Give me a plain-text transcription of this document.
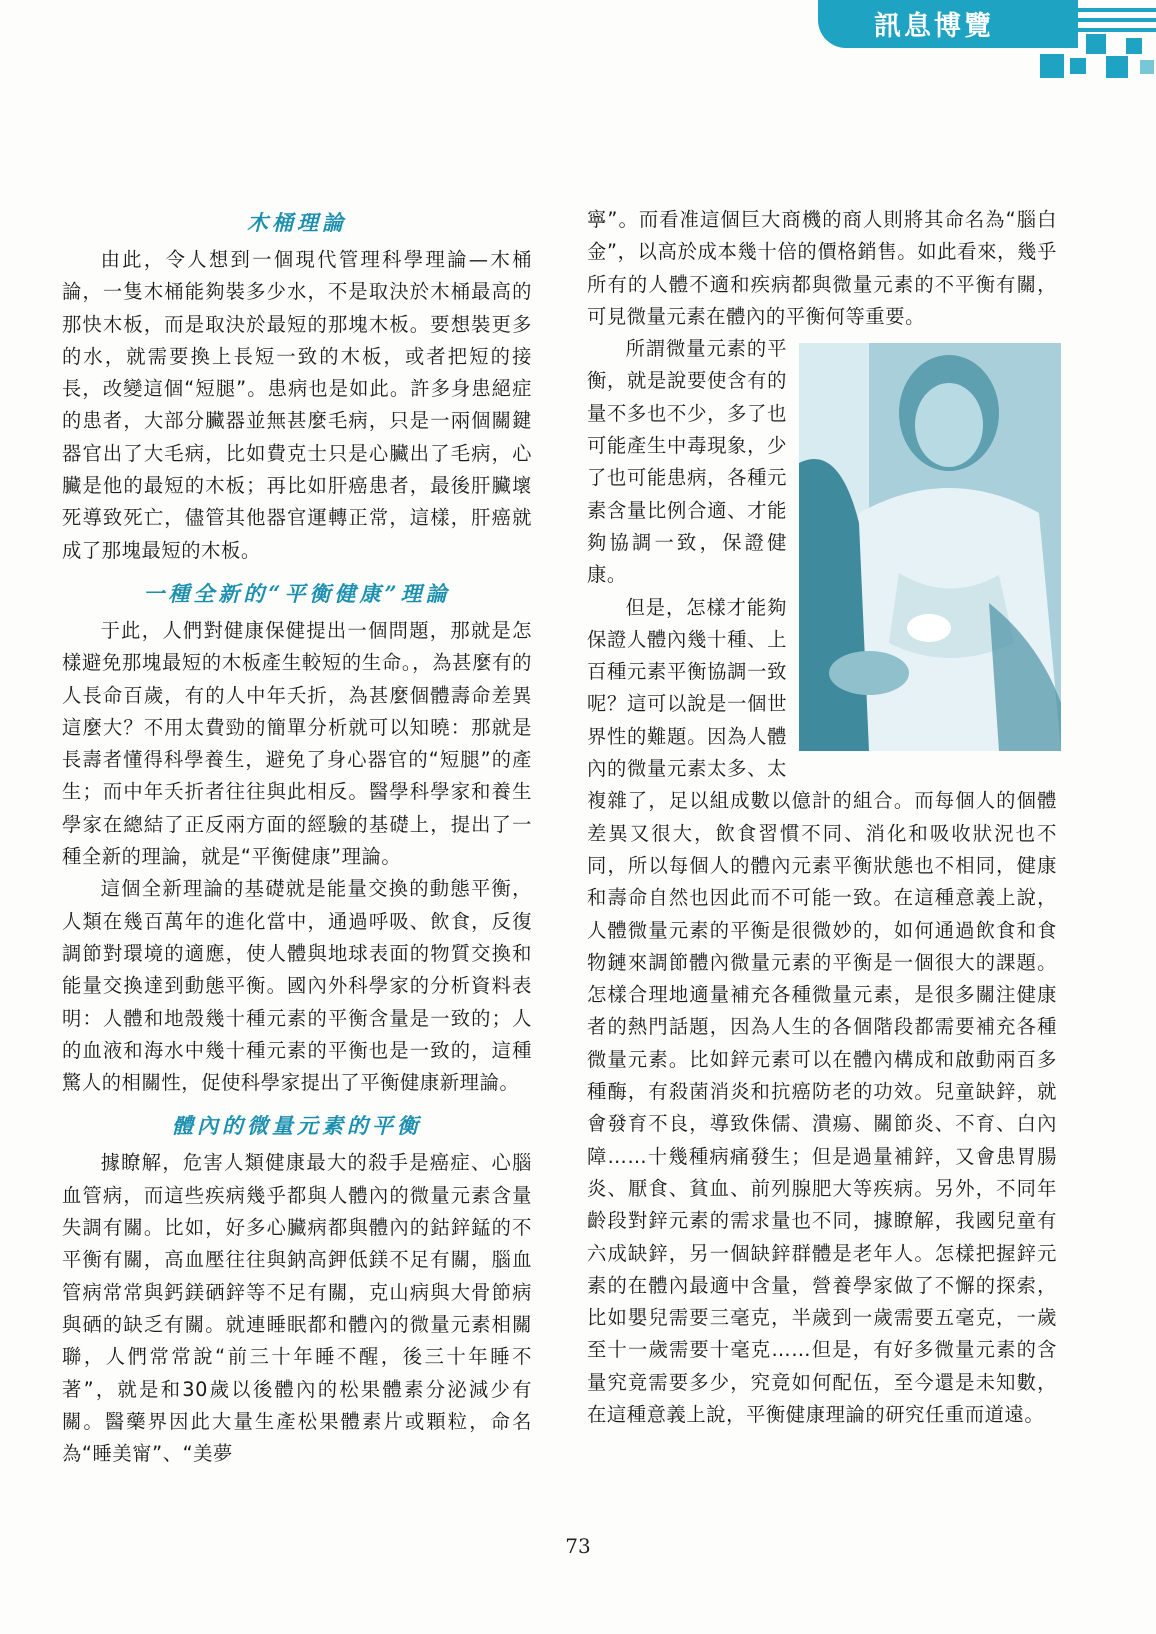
訊息博覽
木桶理論

由此，令人想到一個現代管理科學理論—木桶論，一隻木桶能夠裝多少水，不是取決於木桶最高的那快木板，而是取決於最短的那塊木板。要想裝更多的水，就需要換上長短一致的木板，或者把短的接長，改變這個“短腿”。患病也是如此。許多身患絕症的患者，大部分臟器並無甚麼毛病，只是一兩個關鍵器官出了大毛病，比如費克士只是心臟出了毛病，心臟是他的最短的木板；再比如肝癌患者，最後肝臟壞死導致死亡，儘管其他器官運轉正常，這樣，肝癌就成了那塊最短的木板。

一種全新的“平衡健康”理論

于此，人們對健康保健提出一個問題，那就是怎樣避免那塊最短的木板產生較短的生命。，為甚麼有的人長命百歲，有的人中年夭折，為甚麼個體壽命差異這麼大？不用太費勁的簡單分析就可以知曉：那就是長壽者懂得科學養生，避免了身心器官的“短腿”的產生；而中年夭折者往往與此相反。醫學科學家和養生學家在總結了正反兩方面的經驗的基礎上，提出了一種全新的理論，就是“平衡健康”理論。

這個全新理論的基礎就是能量交換的動態平衡，人類在幾百萬年的進化當中，通過呼吸、飲食，反復調節對環境的適應，使人體與地球表面的物質交換和能量交換達到動態平衡。國內外科學家的分析資料表明：人體和地殼幾十種元素的平衡含量是一致的；人的血液和海水中幾十種元素的平衡也是一致的，這種驚人的相關性，促使科學家提出了平衡健康新理論。

體內的微量元素的平衡

據瞭解，危害人類健康最大的殺手是癌症、心腦血管病，而這些疾病幾乎都與人體內的微量元素含量失調有關。比如，好多心臟病都與體內的鈷鋅錳的不平衡有關，高血壓往往與鈉高鉀低鎂不足有關，腦血管病常常與鈣鎂硒鋅等不足有關，克山病與大骨節病與硒的缺乏有關。就連睡眠都和體內的微量元素相關聯，人們常常說“前三十年睡不醒，後三十年睡不著”，就是和30歲以後體內的松果體素分泌減少有關。醫藥界因此大量生產松果體素片或顆粒，命名為“睡美甯”、“美夢

寧”。而看准這個巨大商機的商人則將其命名為“腦白金”，以高於成本幾十倍的價格銷售。如此看來，幾乎所有的人體不適和疾病都與微量元素的不平衡有關，可見微量元素在體內的平衡何等重要。

所謂微量元素的平衡，就是說要使含有的量不多也不少，多了也可能產生中毒現象，少了也可能患病，各種元素含量比例合適、才能夠協調一致，保證健康。

但是，怎樣才能夠保證人體內幾十種、上百種元素平衡協調一致呢？這可以說是一個世界性的難題。因為人體內的微量元素太多、太複雜了，足以組成數以億計的組合。而每個人的個體差異又很大，飲食習慣不同、消化和吸收狀況也不同，所以每個人的體內元素平衡狀態也不相同，健康和壽命自然也因此而不可能一致。在這種意義上說，人體微量元素的平衡是很微妙的，如何通過飲食和食物鏈來調節體內微量元素的平衡是一個很大的課題。怎樣合理地適量補充各種微量元素，是很多關注健康者的熱門話題，因為人生的各個階段都需要補充各種微量元素。比如鋅元素可以在體內構成和啟動兩百多種酶，有殺菌消炎和抗癌防老的功效。兒童缺鋅，就會發育不良，導致侏儒、潰瘍、關節炎、不育、白內障……十幾種病痛發生；但是過量補鋅，又會患胃腸炎、厭食、貧血、前列腺肥大等疾病。另外，不同年齡段對鋅元素的需求量也不同，據瞭解，我國兒童有六成缺鋅，另一個缺鋅群體是老年人。怎樣把握鋅元素的在體內最適中含量，營養學家做了不懈的探索，比如嬰兒需要三毫克，半歲到一歲需要五毫克，一歲至十一歲需要十毫克……但是，有好多微量元素的含量究竟需要多少，究竟如何配伍，至今還是未知數，在這種意義上說，平衡健康理論的研究任重而道遠。

73
